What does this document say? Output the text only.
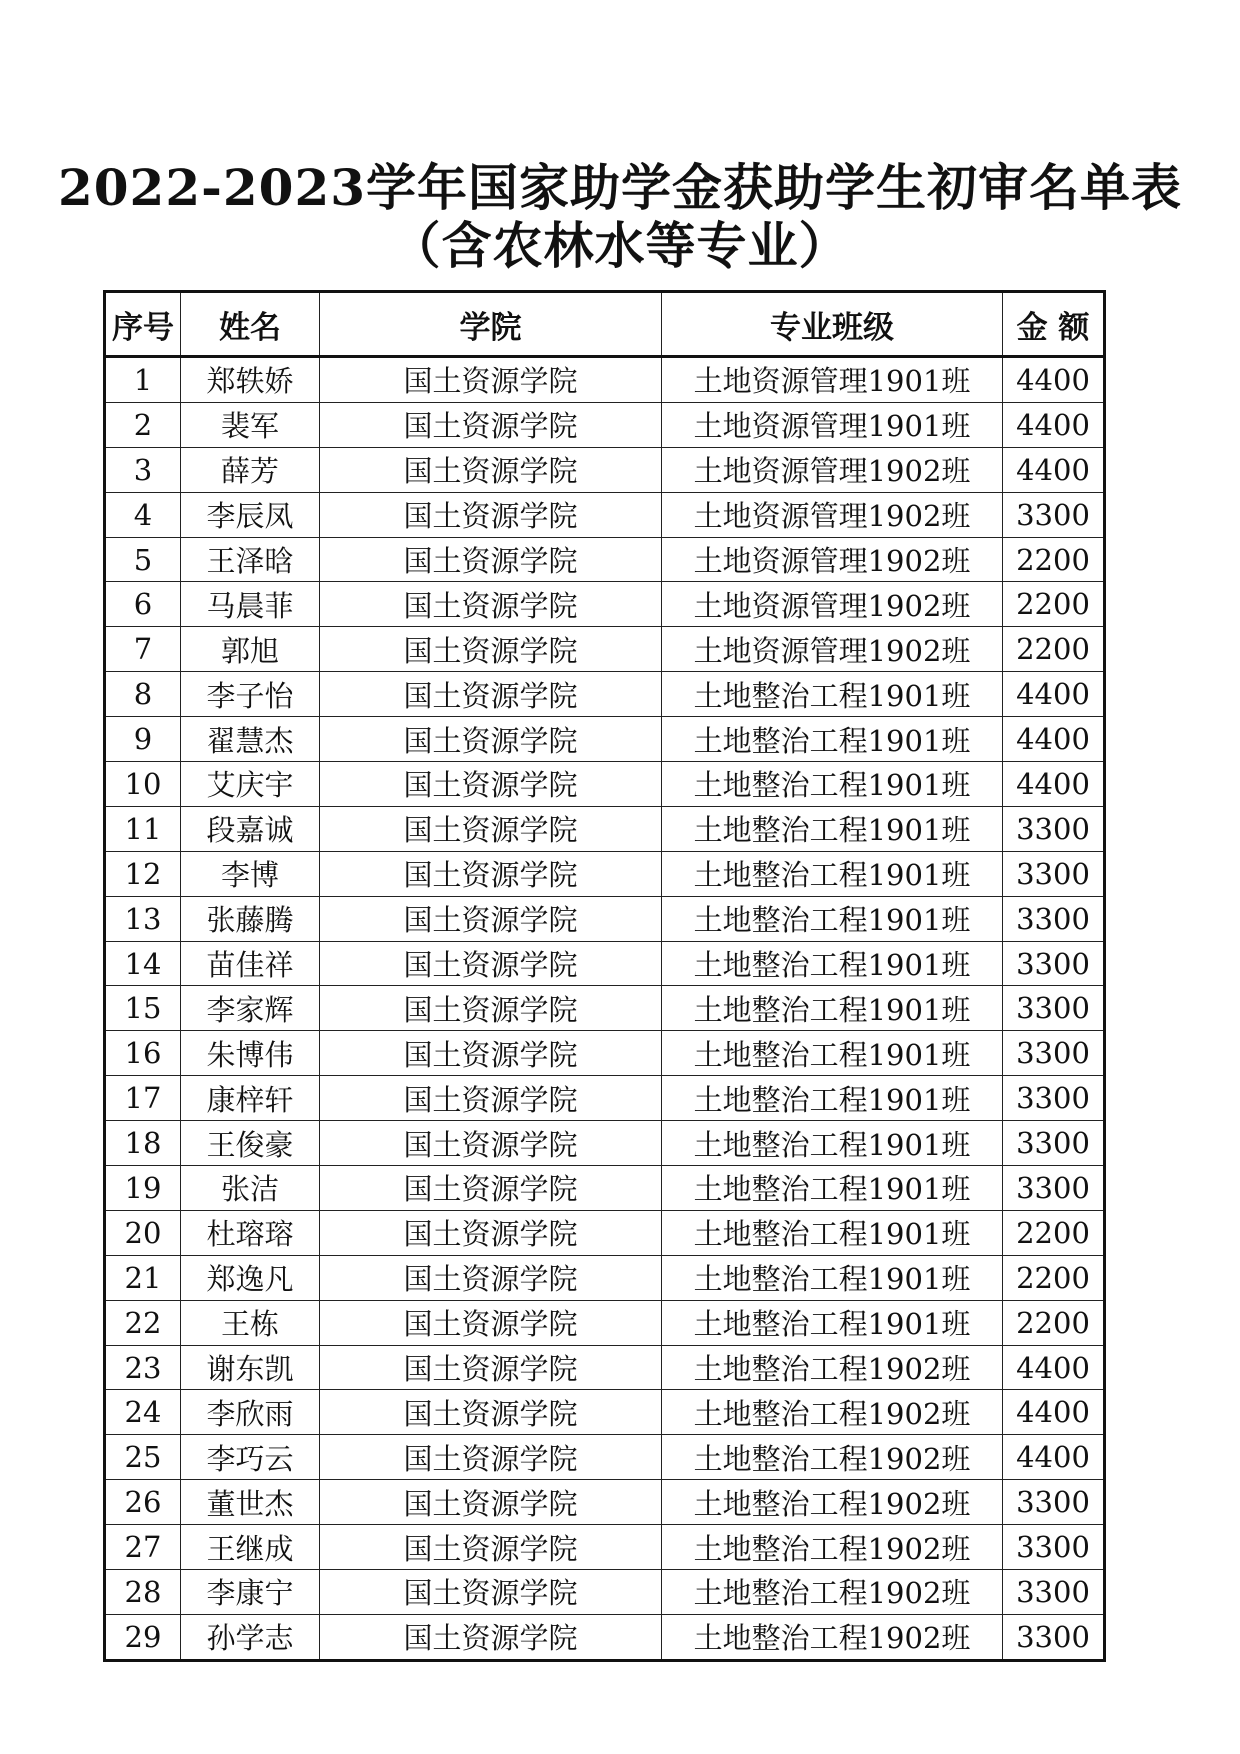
2022-2023学年国家助学金获助学生初审名单表
（含农林水等专业）
序号	姓名	学院	专业班级	金 额
1	郑轶娇	国土资源学院	土地资源管理1901班	4400
2	裴军	国土资源学院	土地资源管理1901班	4400
3	薛芳	国土资源学院	土地资源管理1902班	4400
4	李辰凤	国土资源学院	土地资源管理1902班	3300
5	王泽晗	国土资源学院	土地资源管理1902班	2200
6	马晨菲	国土资源学院	土地资源管理1902班	2200
7	郭旭	国土资源学院	土地资源管理1902班	2200
8	李子怡	国土资源学院	土地整治工程1901班	4400
9	翟慧杰	国土资源学院	土地整治工程1901班	4400
10	艾庆宇	国土资源学院	土地整治工程1901班	4400
11	段嘉诚	国土资源学院	土地整治工程1901班	3300
12	李博	国土资源学院	土地整治工程1901班	3300
13	张藤腾	国土资源学院	土地整治工程1901班	3300
14	苗佳祥	国土资源学院	土地整治工程1901班	3300
15	李家辉	国土资源学院	土地整治工程1901班	3300
16	朱博伟	国土资源学院	土地整治工程1901班	3300
17	康梓轩	国土资源学院	土地整治工程1901班	3300
18	王俊豪	国土资源学院	土地整治工程1901班	3300
19	张洁	国土资源学院	土地整治工程1901班	3300
20	杜瑢瑢	国土资源学院	土地整治工程1901班	2200
21	郑逸凡	国土资源学院	土地整治工程1901班	2200
22	王栋	国土资源学院	土地整治工程1901班	2200
23	谢东凯	国土资源学院	土地整治工程1902班	4400
24	李欣雨	国土资源学院	土地整治工程1902班	4400
25	李巧云	国土资源学院	土地整治工程1902班	4400
26	董世杰	国土资源学院	土地整治工程1902班	3300
27	王继成	国土资源学院	土地整治工程1902班	3300
28	李康宁	国土资源学院	土地整治工程1902班	3300
29	孙学志	国土资源学院	土地整治工程1902班	3300
